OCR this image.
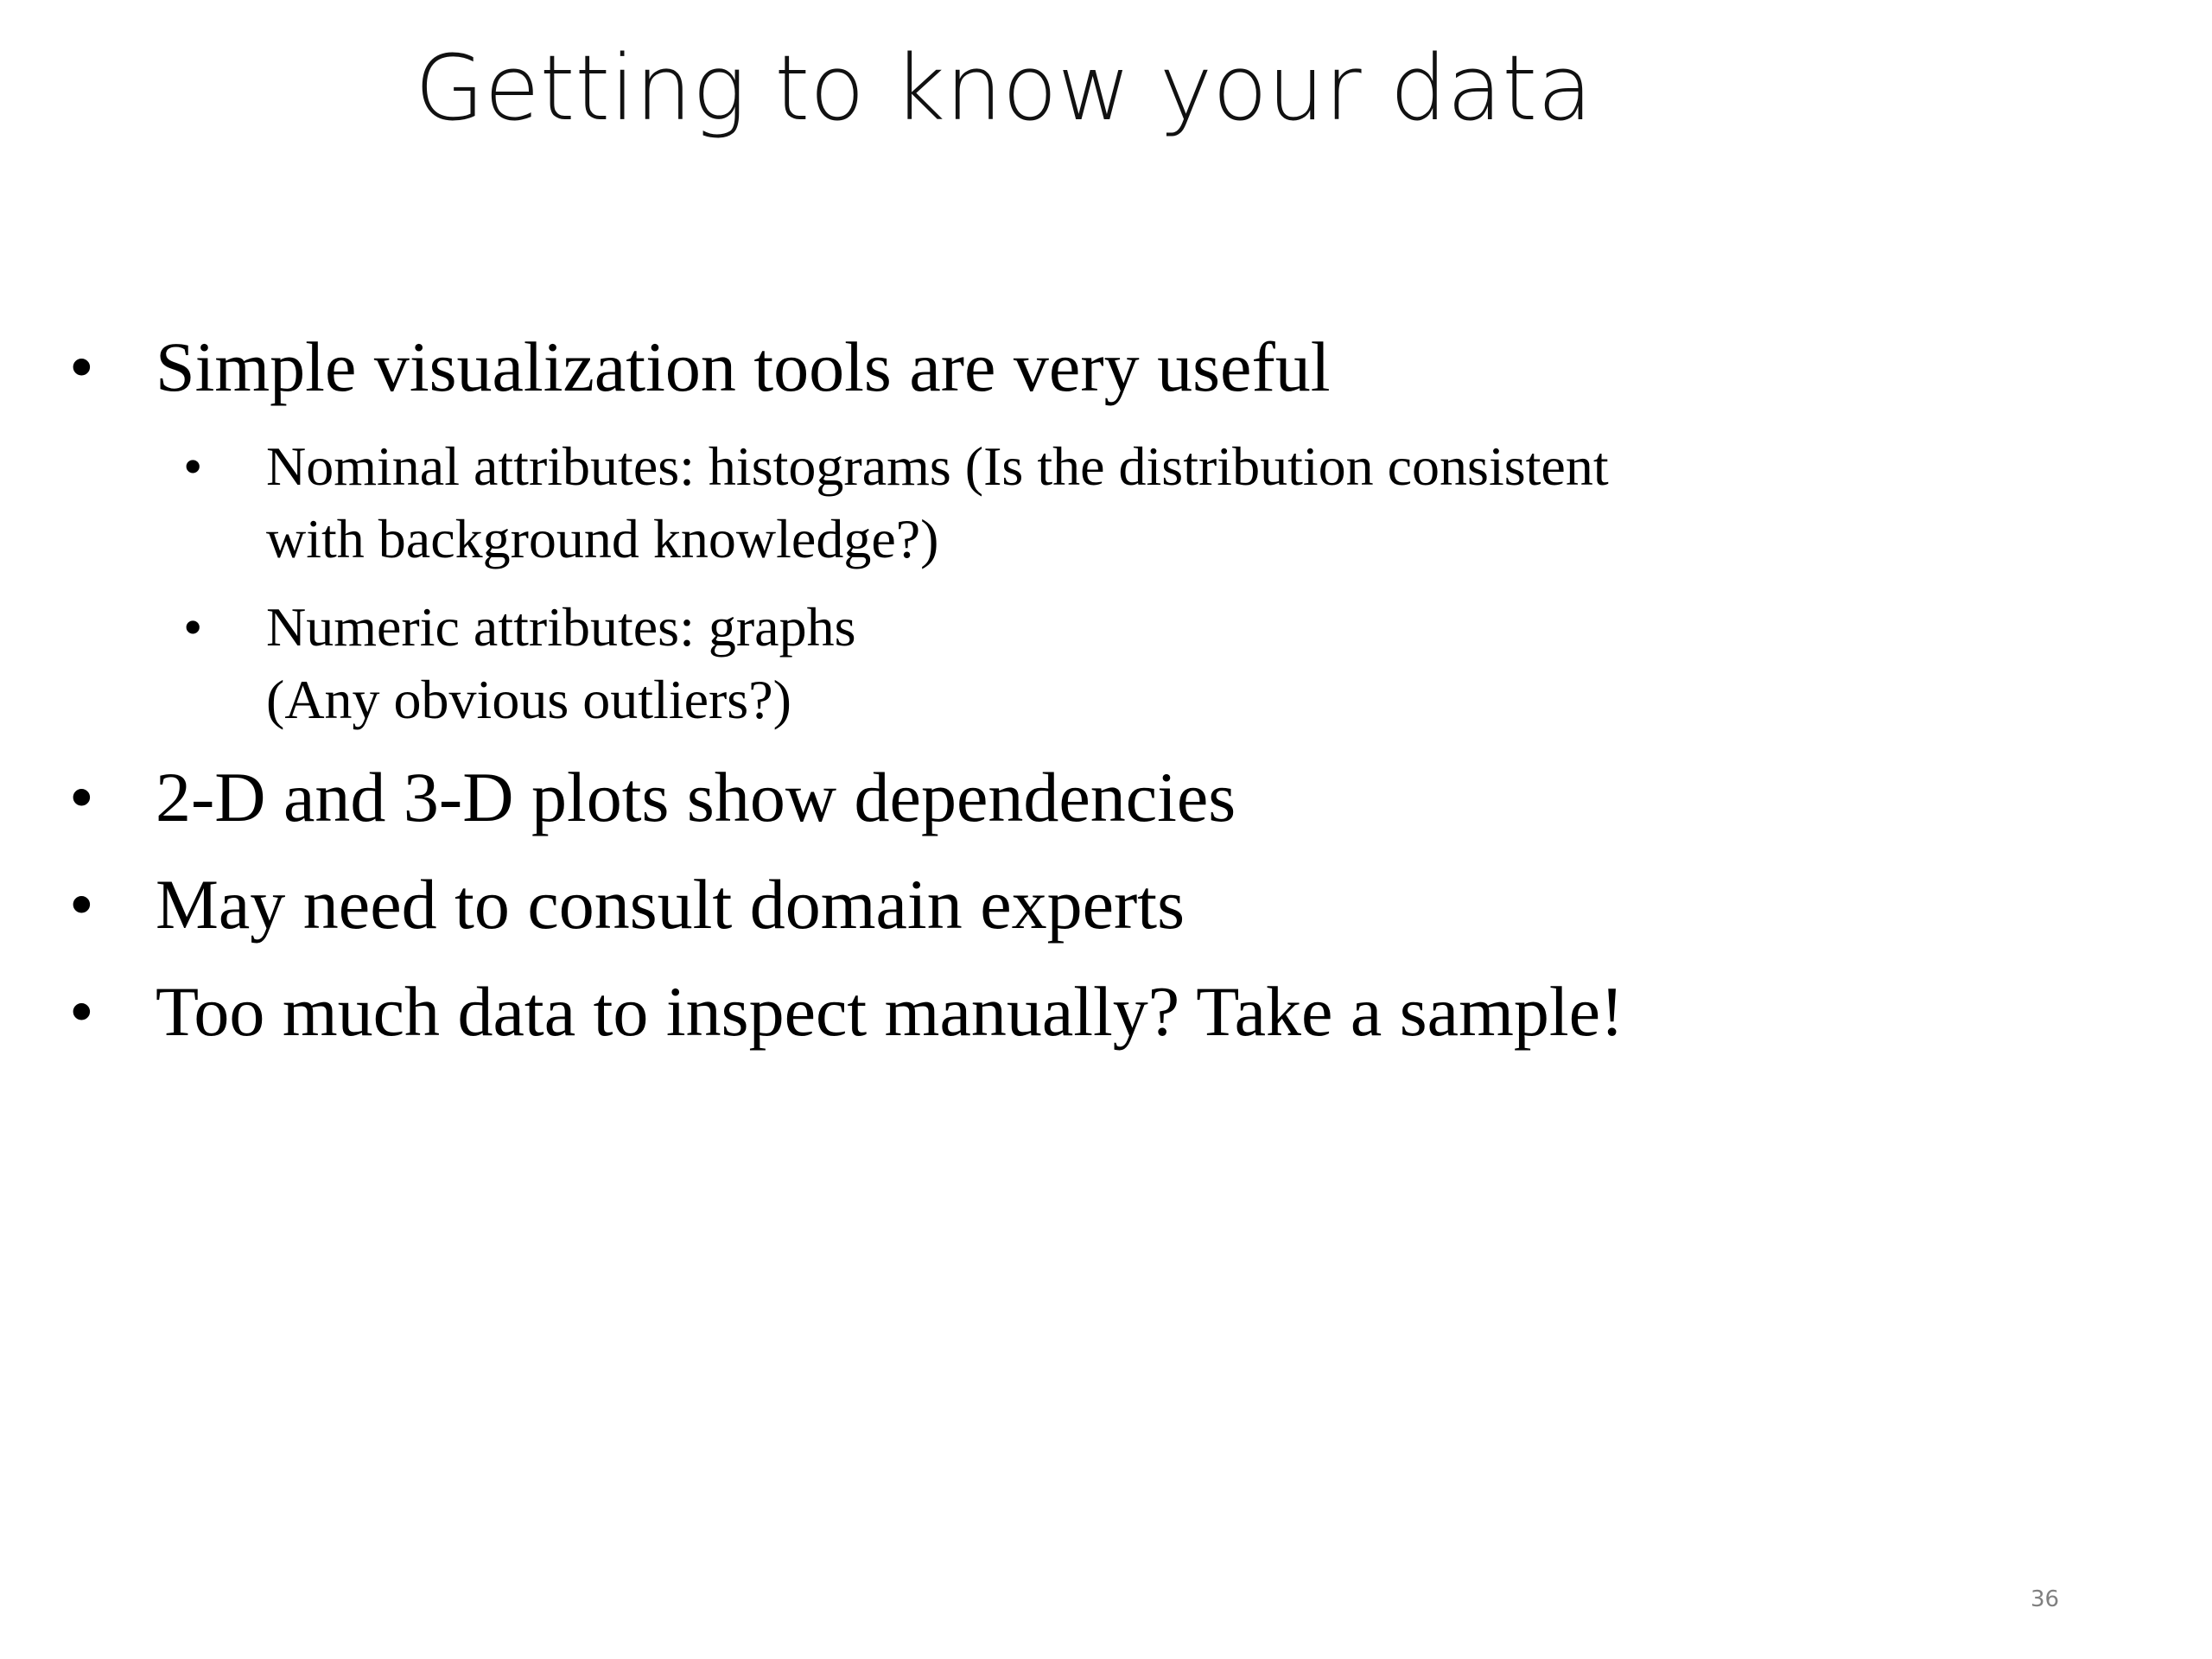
Getting to know your data
• Simple visualization tools are very useful
• Nominal attributes: histograms (Is the distribution consistent
with background knowledge?)
• Numeric attributes: graphs
(Any obvious outliers?)
• 2-D and 3-D plots show dependencies
• May need to consult domain experts
• Too much data to inspect manually? Take a sample!
36
